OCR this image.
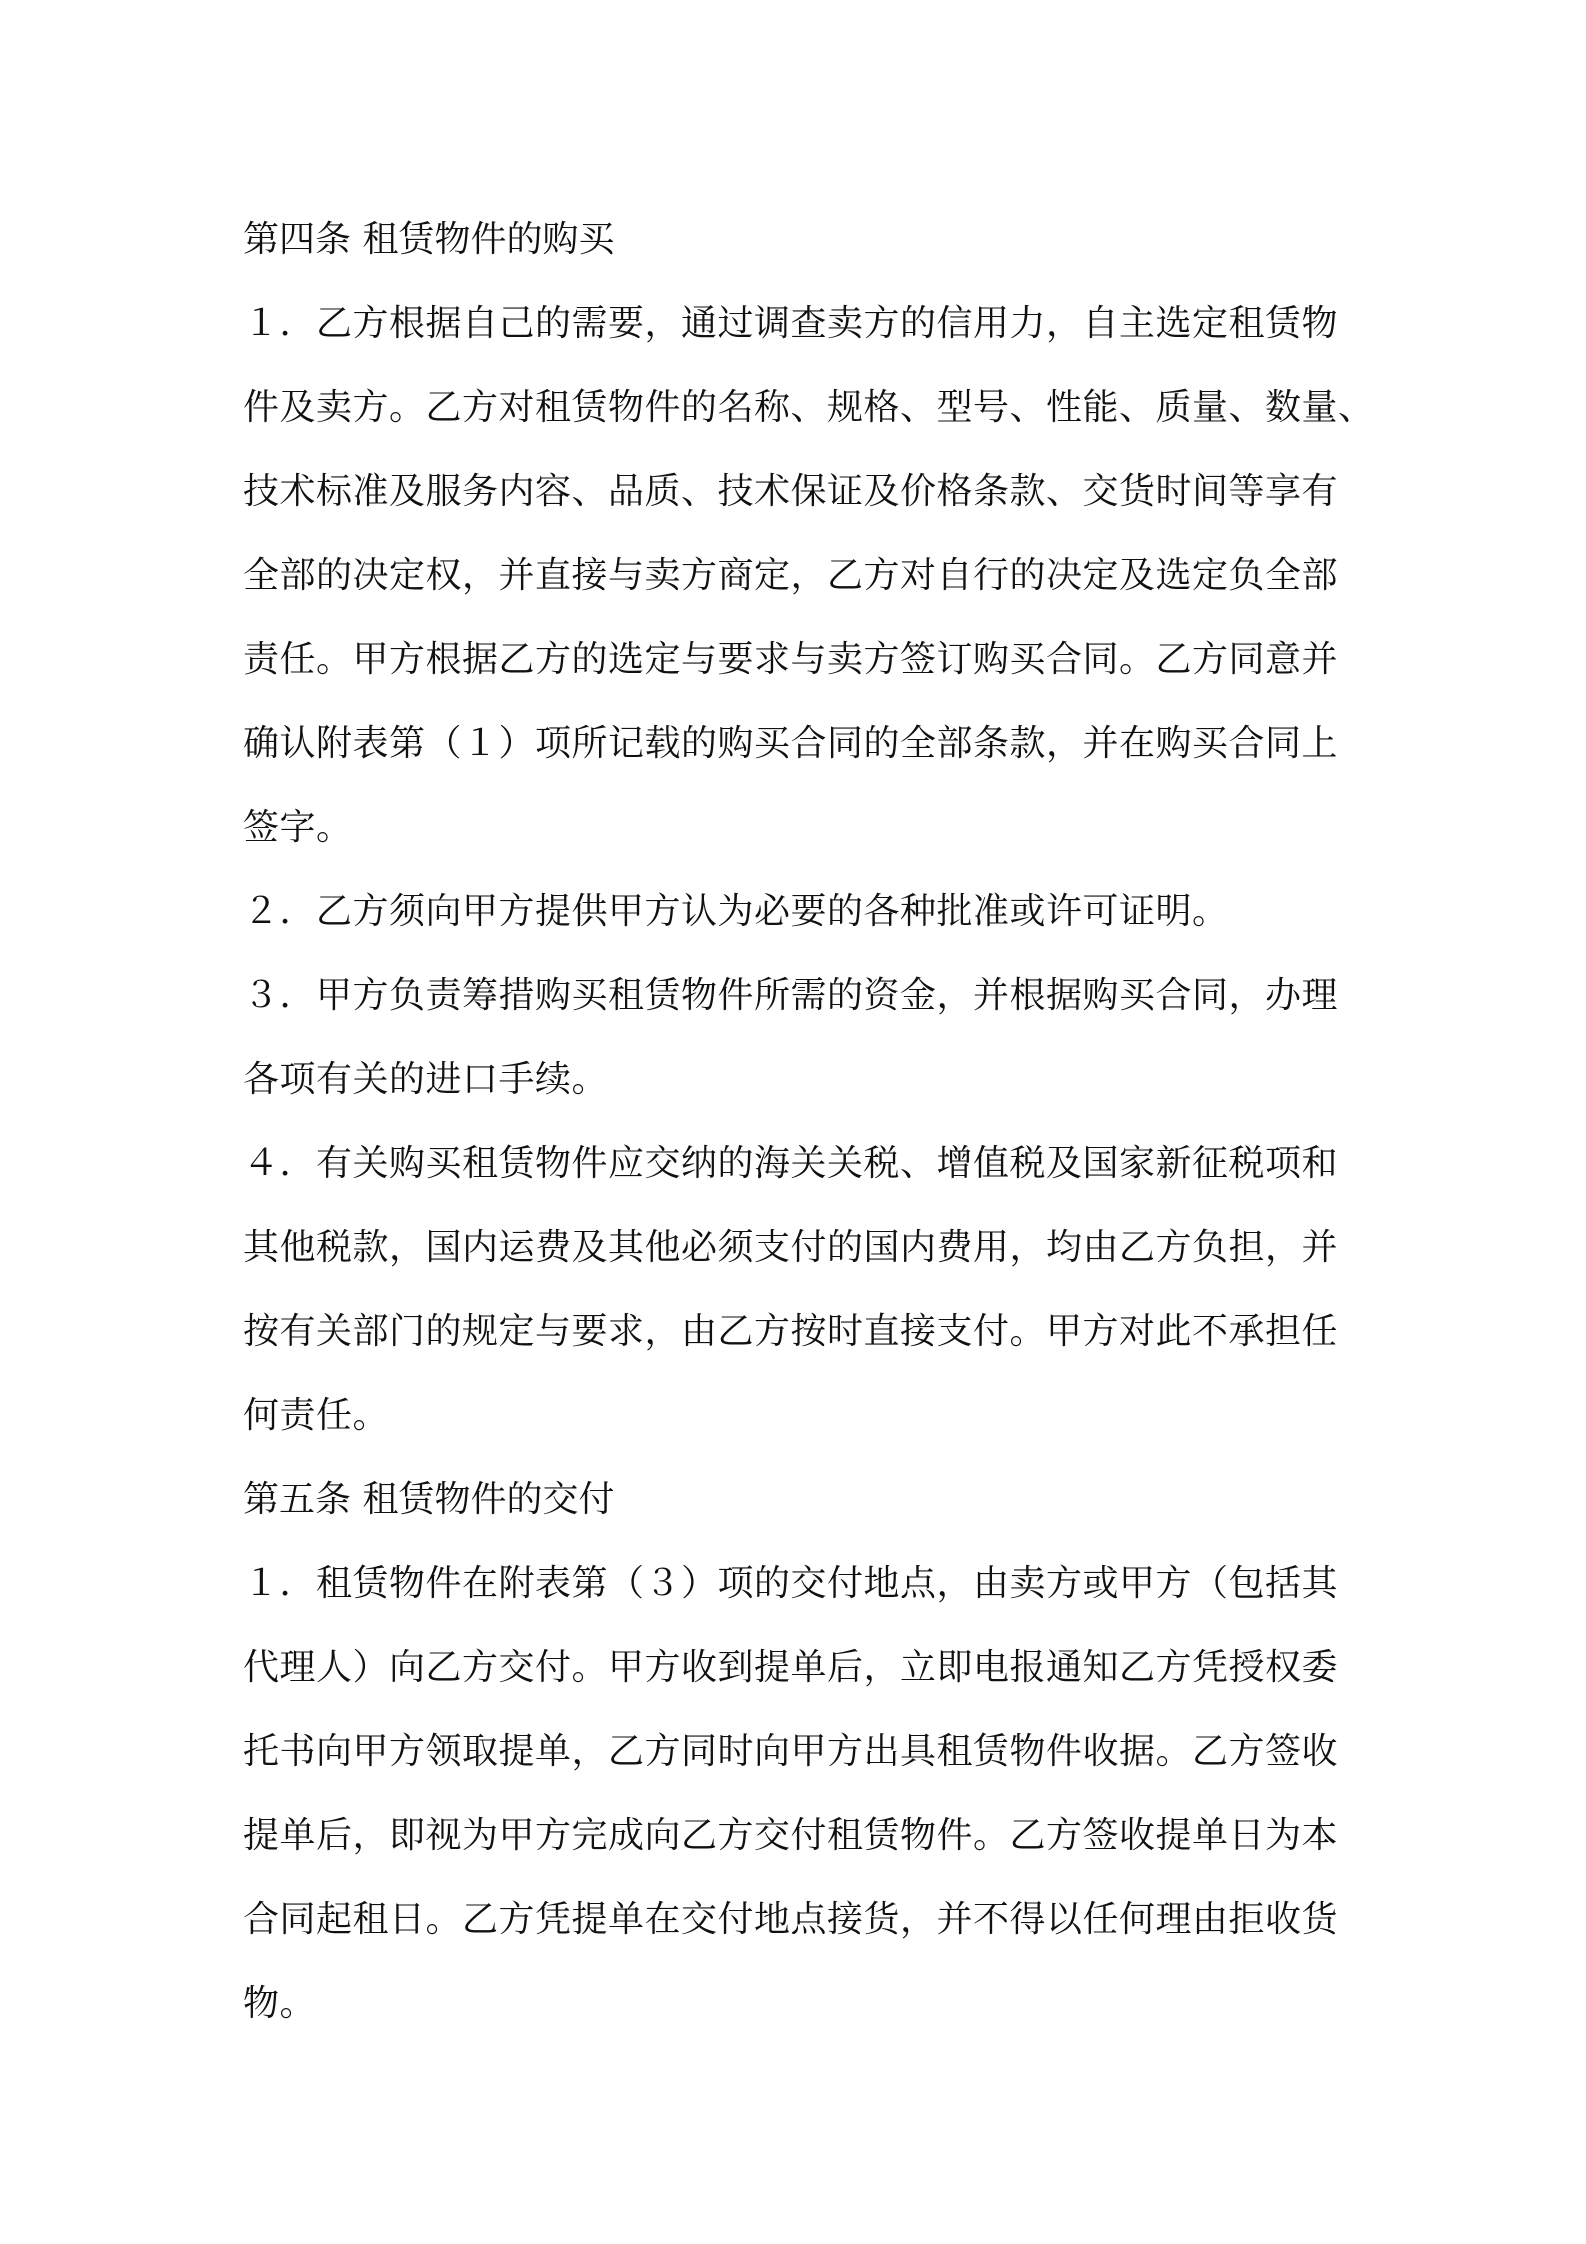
第四条 租赁物件的购买
１．乙方根据自己的需要，通过调查卖方的信用力，自主选定租赁物
件及卖方。乙方对租赁物件的名称、规格、型号、性能、质量、数量、
技术标准及服务内容、品质、技术保证及价格条款、交货时间等享有
全部的决定权，并直接与卖方商定，乙方对自行的决定及选定负全部
责任。甲方根据乙方的选定与要求与卖方签订购买合同。乙方同意并
确认附表第（１）项所记载的购买合同的全部条款，并在购买合同上
签字。
２．乙方须向甲方提供甲方认为必要的各种批准或许可证明。
３．甲方负责筹措购买租赁物件所需的资金，并根据购买合同，办理
各项有关的进口手续。
４．有关购买租赁物件应交纳的海关关税、增值税及国家新征税项和
其他税款，国内运费及其他必须支付的国内费用，均由乙方负担，并
按有关部门的规定与要求，由乙方按时直接支付。甲方对此不承担任
何责任。
第五条 租赁物件的交付
１．租赁物件在附表第（３）项的交付地点，由卖方或甲方（包括其
代理人）向乙方交付。甲方收到提单后，立即电报通知乙方凭授权委
托书向甲方领取提单，乙方同时向甲方出具租赁物件收据。乙方签收
提单后，即视为甲方完成向乙方交付租赁物件。乙方签收提单日为本
合同起租日。乙方凭提单在交付地点接货，并不得以任何理由拒收货
物。
